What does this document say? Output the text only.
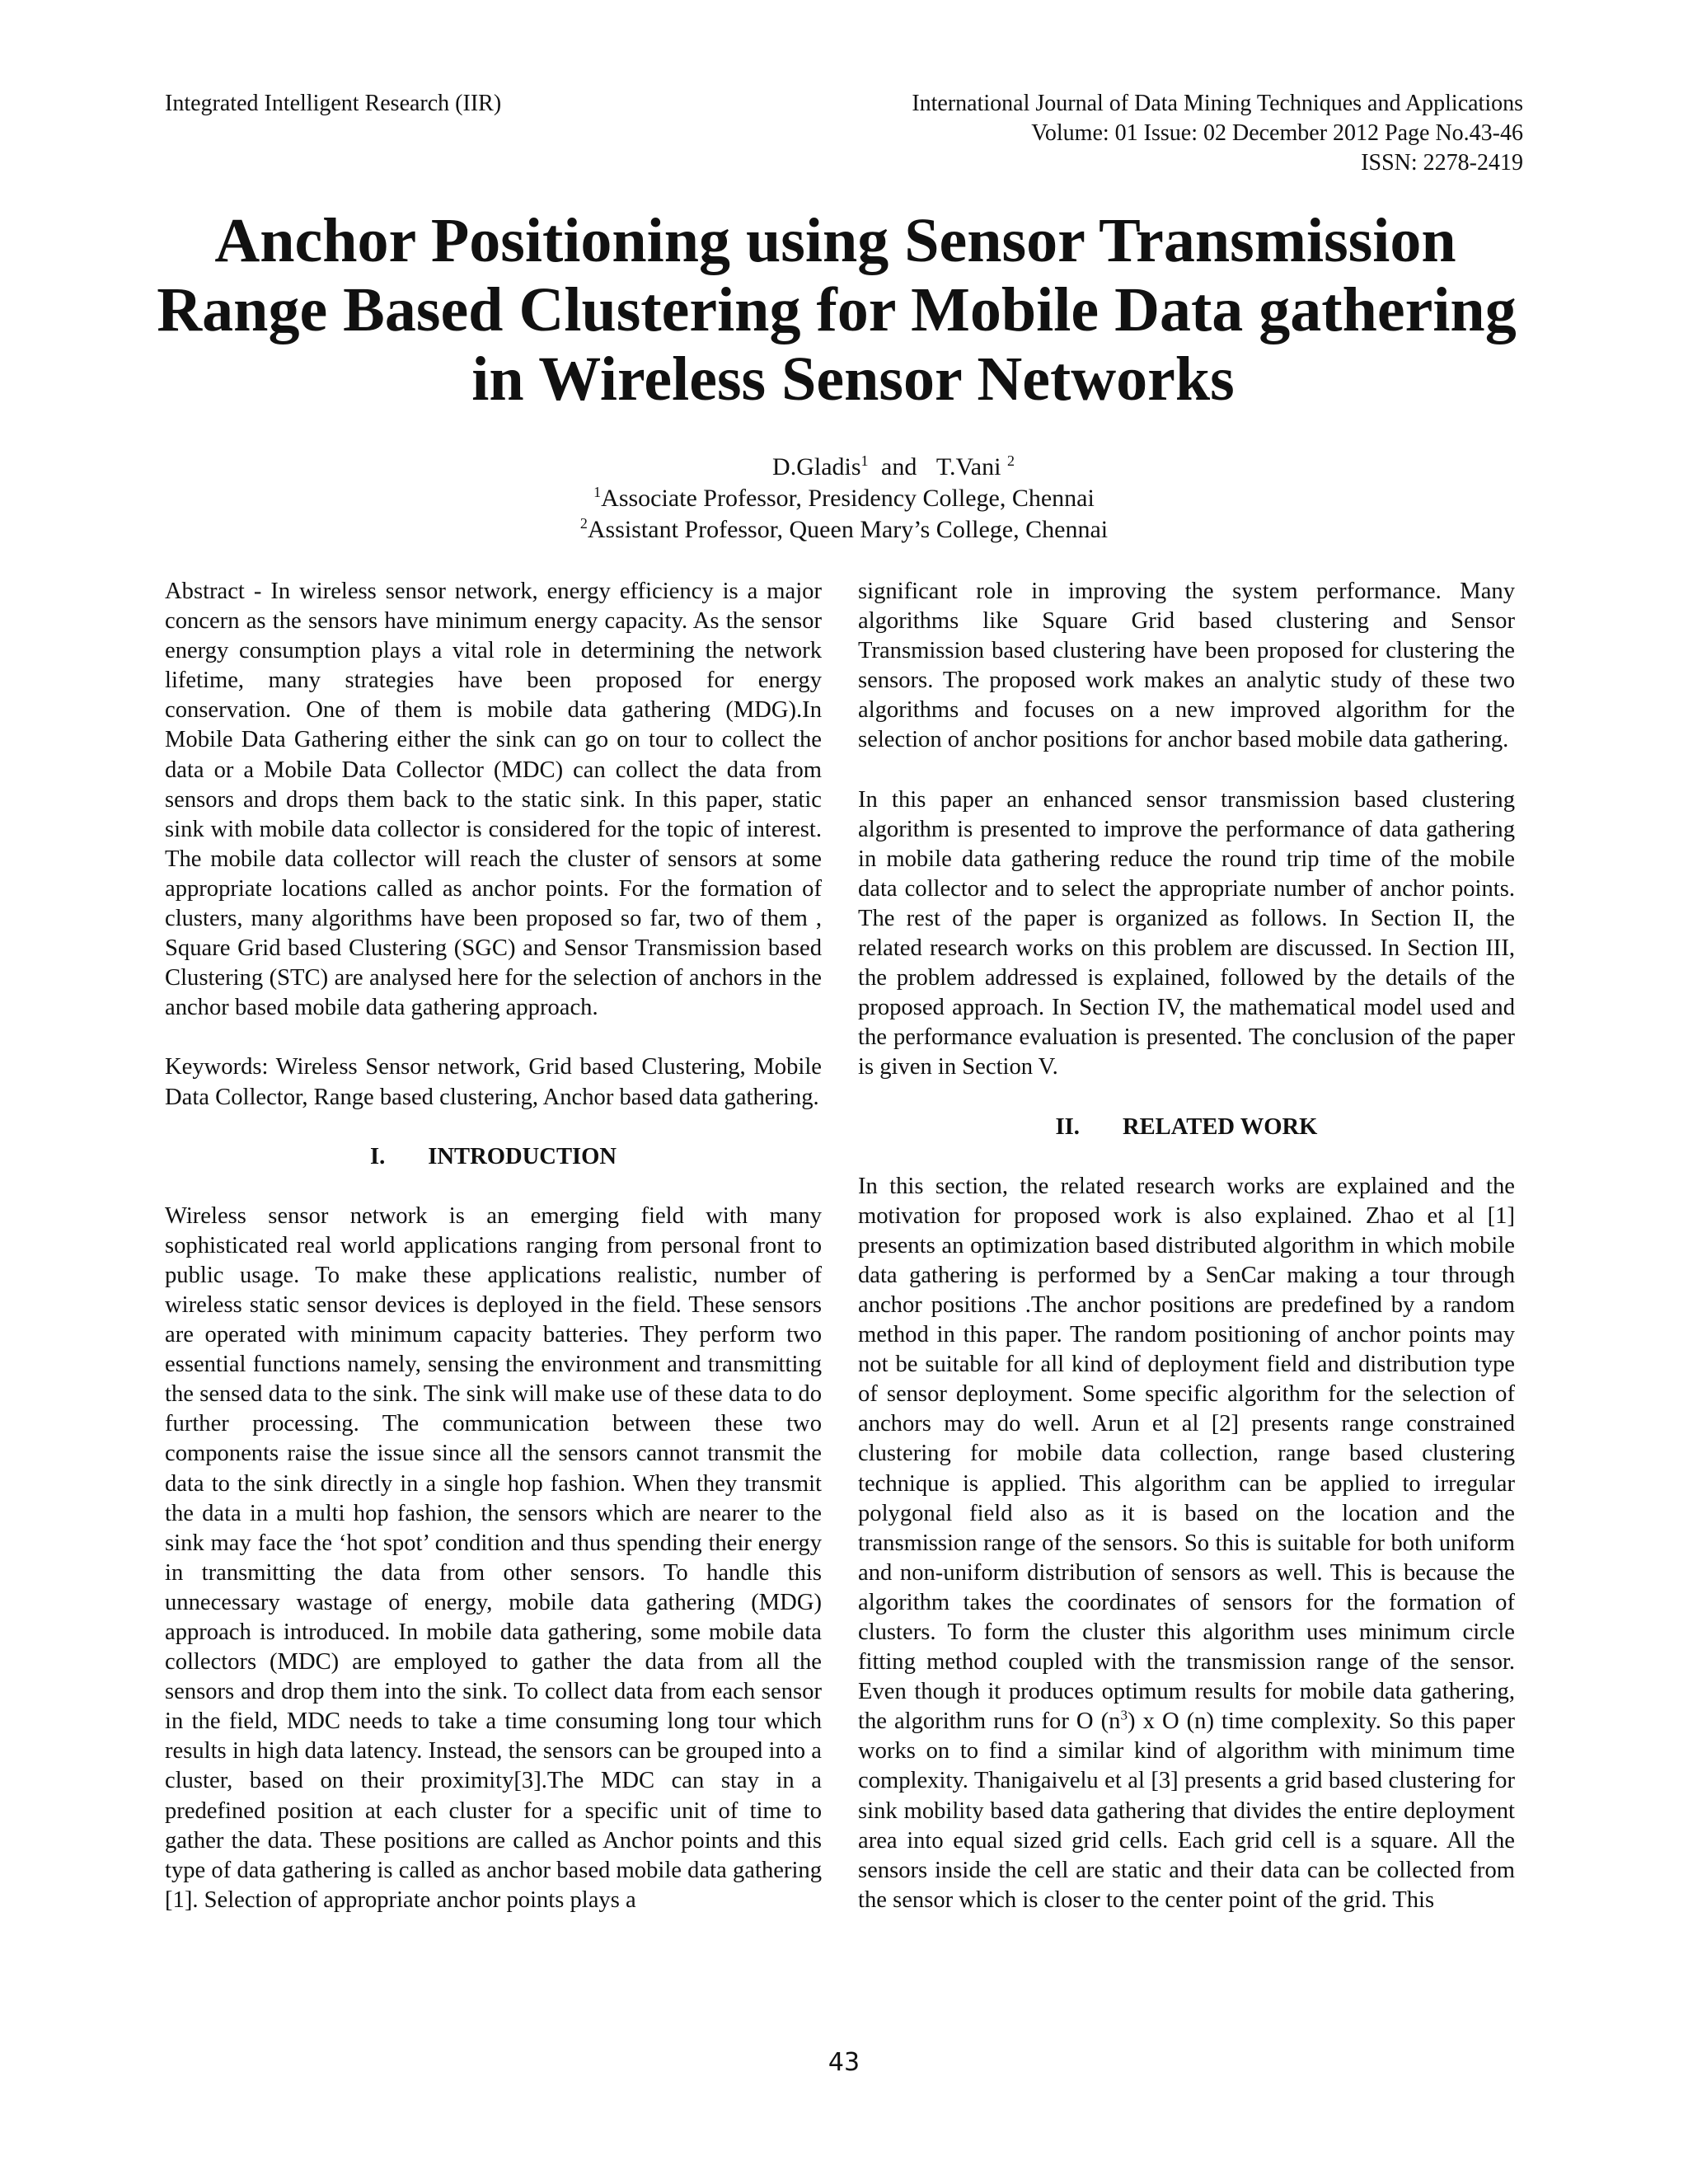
Integrated Intelligent Research (IIR)	International Journal of Data Mining Techniques and Applications
Volume: 01 Issue: 02 December 2012 Page No.43-46
ISSN: 2278-2419
Anchor Positioning using Sensor Transmission
Range Based Clustering for Mobile Data gathering
in Wireless Sensor Networks
D.Gladis$^1$ and T.Vani $^2$
$^1$Associate Professor, Presidency College, Chennai
$^2$Assistant Professor, Queen Mary’s College, Chennai

Abstract - In wireless sensor network, energy efficiency is a major concern as the sensors have minimum energy capacity. As the sensor energy consumption plays a vital role in determining the network lifetime, many strategies have been proposed for energy conservation. One of them is mobile data gathering (MDG).In Mobile Data Gathering either the sink can go on tour to collect the data or a Mobile Data Collector (MDC) can collect the data from sensors and drops them back to the static sink. In this paper, static sink with mobile data collector is considered for the topic of interest. The mobile data collector will reach the cluster of sensors at some appropriate locations called as anchor points. For the formation of clusters, many algorithms have been proposed so far, two of them , Square Grid based Clustering (SGC) and Sensor Transmission based Clustering (STC) are analysed here for the selection of anchors in the anchor based mobile data gathering approach.

Keywords: Wireless Sensor network, Grid based Clustering, Mobile Data Collector, Range based clustering, Anchor based data gathering.

I. INTRODUCTION

Wireless sensor network is an emerging field with many sophisticated real world applications ranging from personal front to public usage. To make these applications realistic, number of wireless static sensor devices is deployed in the field. These sensors are operated with minimum capacity batteries. They perform two essential functions namely, sensing the environment and transmitting the sensed data to the sink. The sink will make use of these data to do further processing. The communication between these two components raise the issue since all the sensors cannot transmit the data to the sink directly in a single hop fashion. When they transmit the data in a multi hop fashion, the sensors which are nearer to the sink may face the ‘hot spot’ condition and thus spending their energy in transmitting the data from other sensors. To handle this unnecessary wastage of energy, mobile data gathering (MDG) approach is introduced. In mobile data gathering, some mobile data collectors (MDC) are employed to gather the data from all the sensors and drop them into the sink. To collect data from each sensor in the field, MDC needs to take a time consuming long tour which results in high data latency. Instead, the sensors can be grouped into a cluster, based on their proximity[3].The MDC can stay in a predefined position at each cluster for a specific unit of time to gather the data. These positions are called as Anchor points and this type of data gathering is called as anchor based mobile data gathering [1]. Selection of appropriate anchor points plays a

significant role in improving the system performance. Many algorithms like Square Grid based clustering and Sensor Transmission based clustering have been proposed for clustering the sensors. The proposed work makes an analytic study of these two algorithms and focuses on a new improved algorithm for the selection of anchor positions for anchor based mobile data gathering.

In this paper an enhanced sensor transmission based clustering algorithm is presented to improve the performance of data gathering in mobile data gathering reduce the round trip time of the mobile data collector and to select the appropriate number of anchor points. The rest of the paper is organized as follows. In Section II, the related research works on this problem are discussed. In Section III, the problem addressed is explained, followed by the details of the proposed approach. In Section IV, the mathematical model used and the performance evaluation is presented. The conclusion of the paper is given in Section V.

II. RELATED WORK

In this section, the related research works are explained and the motivation for proposed work is also explained. Zhao et al [1] presents an optimization based distributed algorithm in which mobile data gathering is performed by a SenCar making a tour through anchor positions .The anchor positions are predefined by a random method in this paper. The random positioning of anchor points may not be suitable for all kind of deployment field and distribution type of sensor deployment. Some specific algorithm for the selection of anchors may do well. Arun et al [2] presents range constrained clustering for mobile data collection, range based clustering technique is applied. This algorithm can be applied to irregular polygonal field also as it is based on the location and the transmission range of the sensors. So this is suitable for both uniform and non-uniform distribution of sensors as well. This is because the algorithm takes the coordinates of sensors for the formation of clusters. To form the cluster this algorithm uses minimum circle fitting method coupled with the transmission range of the sensor. Even though it produces optimum results for mobile data gathering, the algorithm runs for O $(n^3)$ x O (n) time complexity. So this paper works on to find a similar kind of algorithm with minimum time complexity. Thanigaivelu et al [3] presents a grid based clustering for sink mobility based data gathering that divides the entire deployment area into equal sized grid cells. Each grid cell is a square. All the sensors inside the cell are static and their data can be collected from the sensor which is closer to the center point of the grid. This

43
